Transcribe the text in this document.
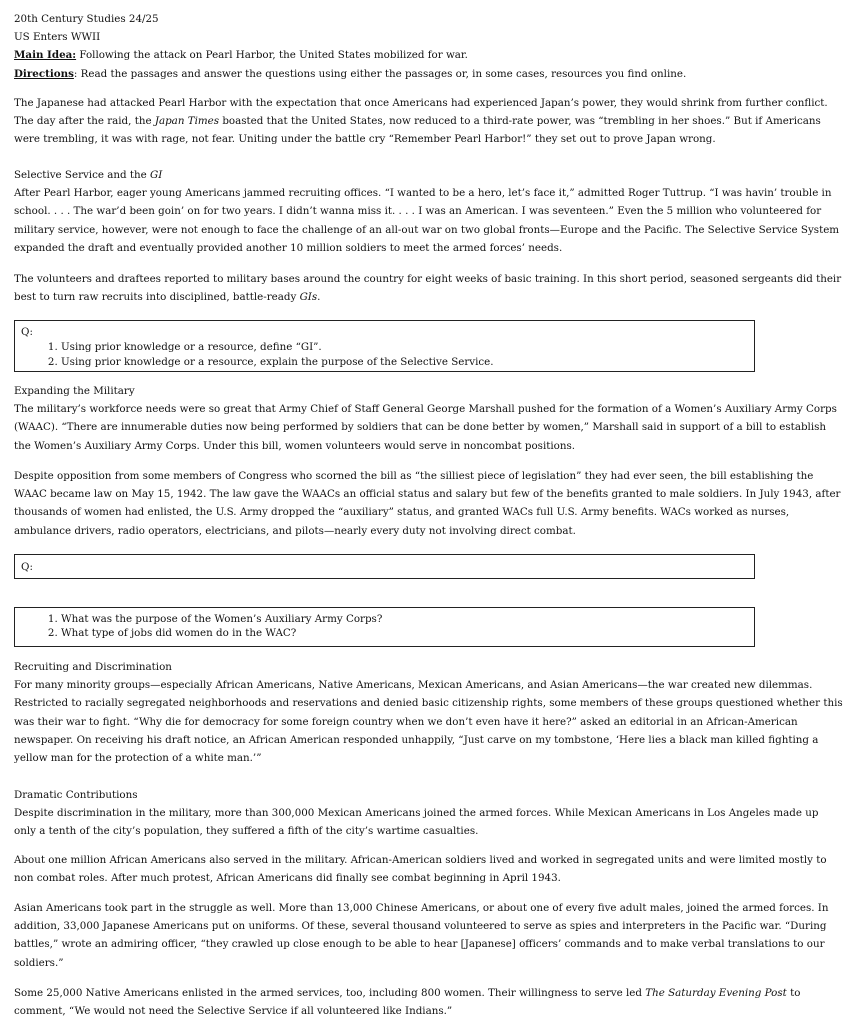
20th Century Studies 24/25
US Enters WWII
Main Idea: Following the attack on Pearl Harbor, the United States mobilized for war.
Directions: Read the passages and answer the questions using either the passages or, in some cases, resources you find online.
The Japanese had attacked Pearl Harbor with the expectation that once Americans had experienced Japan’s power, they would shrink from further conflict.
The day after the raid, the Japan Times boasted that the United States, now reduced to a third-rate power, was “trembling in her shoes.” But if Americans
were trembling, it was with rage, not fear. Uniting under the battle cry “Remember Pearl Harbor!” they set out to prove Japan wrong.
Selective Service and the GI
After Pearl Harbor, eager young Americans jammed recruiting offices. “I wanted to be a hero, let’s face it,” admitted Roger Tuttrup. “I was havin’ trouble in
school. . . . The war’d been goin’ on for two years. I didn’t wanna miss it. . . . I was an American. I was seventeen.” Even the 5 million who volunteered for
military service, however, were not enough to face the challenge of an all-out war on two global fronts—Europe and the Pacific. The Selective Service System
expanded the draft and eventually provided another 10 million soldiers to meet the armed forces’ needs.
The volunteers and draftees reported to military bases around the country for eight weeks of basic training. In this short period, seasoned sergeants did their
best to turn raw recruits into disciplined, battle-ready GIs.
Q:
1. Using prior knowledge or a resource, define “GI”.
2. Using prior knowledge or a resource, explain the purpose of the Selective Service.
Expanding the Military
The military’s workforce needs were so great that Army Chief of Staff General George Marshall pushed for the formation of a Women’s Auxiliary Army Corps
(WAAC). “There are innumerable duties now being performed by soldiers that can be done better by women,” Marshall said in support of a bill to establish
the Women’s Auxiliary Army Corps. Under this bill, women volunteers would serve in noncombat positions.
Despite opposition from some members of Congress who scorned the bill as “the silliest piece of legislation” they had ever seen, the bill establishing the
WAAC became law on May 15, 1942. The law gave the WAACs an official status and salary but few of the benefits granted to male soldiers. In July 1943, after
thousands of women had enlisted, the U.S. Army dropped the “auxiliary” status, and granted WACs full U.S. Army benefits. WACs worked as nurses,
ambulance drivers, radio operators, electricians, and pilots—nearly every duty not involving direct combat.
Q:
1. What was the purpose of the Women’s Auxiliary Army Corps?
2. What type of jobs did women do in the WAC?
Recruiting and Discrimination
For many minority groups—especially African Americans, Native Americans, Mexican Americans, and Asian Americans—the war created new dilemmas.
Restricted to racially segregated neighborhoods and reservations and denied basic citizenship rights, some members of these groups questioned whether this
was their war to fight. “Why die for democracy for some foreign country when we don’t even have it here?” asked an editorial in an African-American
newspaper. On receiving his draft notice, an African American responded unhappily, “Just carve on my tombstone, ‘Here lies a black man killed fighting a
yellow man for the protection of a white man.’”
Dramatic Contributions
Despite discrimination in the military, more than 300,000 Mexican Americans joined the armed forces. While Mexican Americans in Los Angeles made up
only a tenth of the city’s population, they suffered a fifth of the city’s wartime casualties.
About one million African Americans also served in the military. African-American soldiers lived and worked in segregated units and were limited mostly to
non combat roles. After much protest, African Americans did finally see combat beginning in April 1943.
Asian Americans took part in the struggle as well. More than 13,000 Chinese Americans, or about one of every five adult males, joined the armed forces. In
addition, 33,000 Japanese Americans put on uniforms. Of these, several thousand volunteered to serve as spies and interpreters in the Pacific war. “During
battles,” wrote an admiring officer, “they crawled up close enough to be able to hear [Japanese] officers’ commands and to make verbal translations to our
soldiers.”
Some 25,000 Native Americans enlisted in the armed services, too, including 800 women. Their willingness to serve led The Saturday Evening Post to
comment, “We would not need the Selective Service if all volunteered like Indians.”
